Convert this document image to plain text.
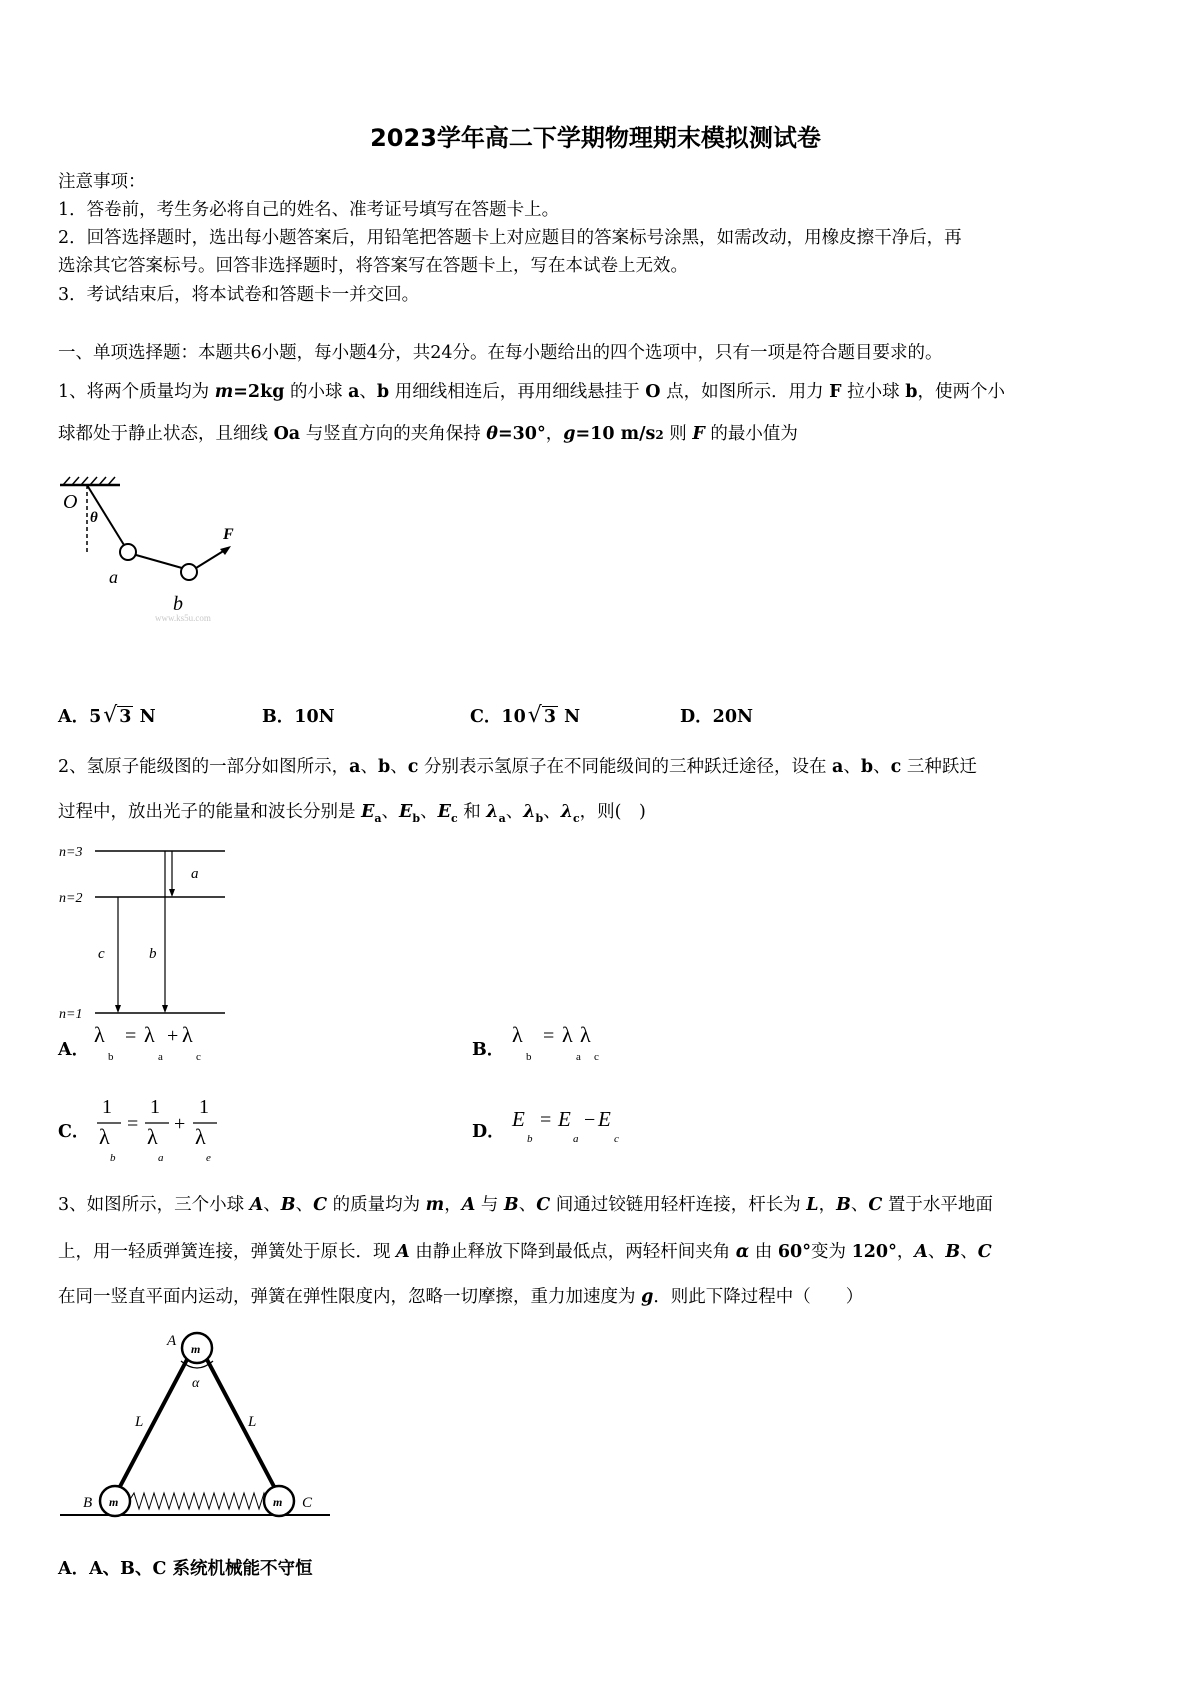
2023学年高二下学期物理期末模拟测试卷
注意事项：
1．答卷前，考生务必将自己的姓名、准考证号填写在答题卡上。
2．回答选择题时，选出每小题答案后，用铅笔把答题卡上对应题目的答案标号涂黑，如需改动，用橡皮擦干净后，再
选涂其它答案标号。回答非选择题时，将答案写在答题卡上，写在本试卷上无效。
3．考试结束后，将本试卷和答题卡一并交回。
一、单项选择题：本题共6小题，每小题4分，共24分。在每小题给出的四个选项中，只有一项是符合题目要求的。
1、将两个质量均为 m=2kg 的小球 a、b 用细线相连后，再用细线悬挂于 O 点，如图所示．用力 F 拉小球 b，使两个小
球都处于静止状态，且细线 Oa 与竖直方向的夹角保持 θ=30°，g=10 m/s2 则 F 的最小值为
O
θ
a
b
F
www.ks5u.com
A．5√ 3 N	B．10N	C．10√ 3 N	D．20N
2、氢原子能级图的一部分如图所示，a、b、c 分别表示氢原子在不同能级间的三种跃迁途径，设在 a、b、c 三种跃迁
过程中，放出光子的能量和波长分别是 $E_a$、$E_b$、$E_c$ 和 $\lambda_a$、$\lambda_b$、$\lambda_c$，则(　)
n=3
n=2
n=1
a
b
c
A．
λ
b
= λ
a
+ λ
c	B．
λ
b
= λ
a
λ
c
C．
1
λ
b
=
1
λ
a
+
1
λ
e
D．
E
b
= E
a
− E
c
3、如图所示，三个小球 A、B、C 的质量均为 m，A 与 B、C 间通过铰链用轻杆连接，杆长为 L，B、C 置于水平地面
上，用一轻质弹簧连接，弹簧处于原长．现 A 由静止释放下降到最低点，两轻杆间夹角 α 由 60°变为 120°，A、B、C
在同一竖直平面内运动，弹簧在弹性限度内，忽略一切摩擦，重力加速度为 g．则此下降过程中（　　）
m
m	m
A
B	C
L	L
α
A．A、B、C 系统机械能不守恒
